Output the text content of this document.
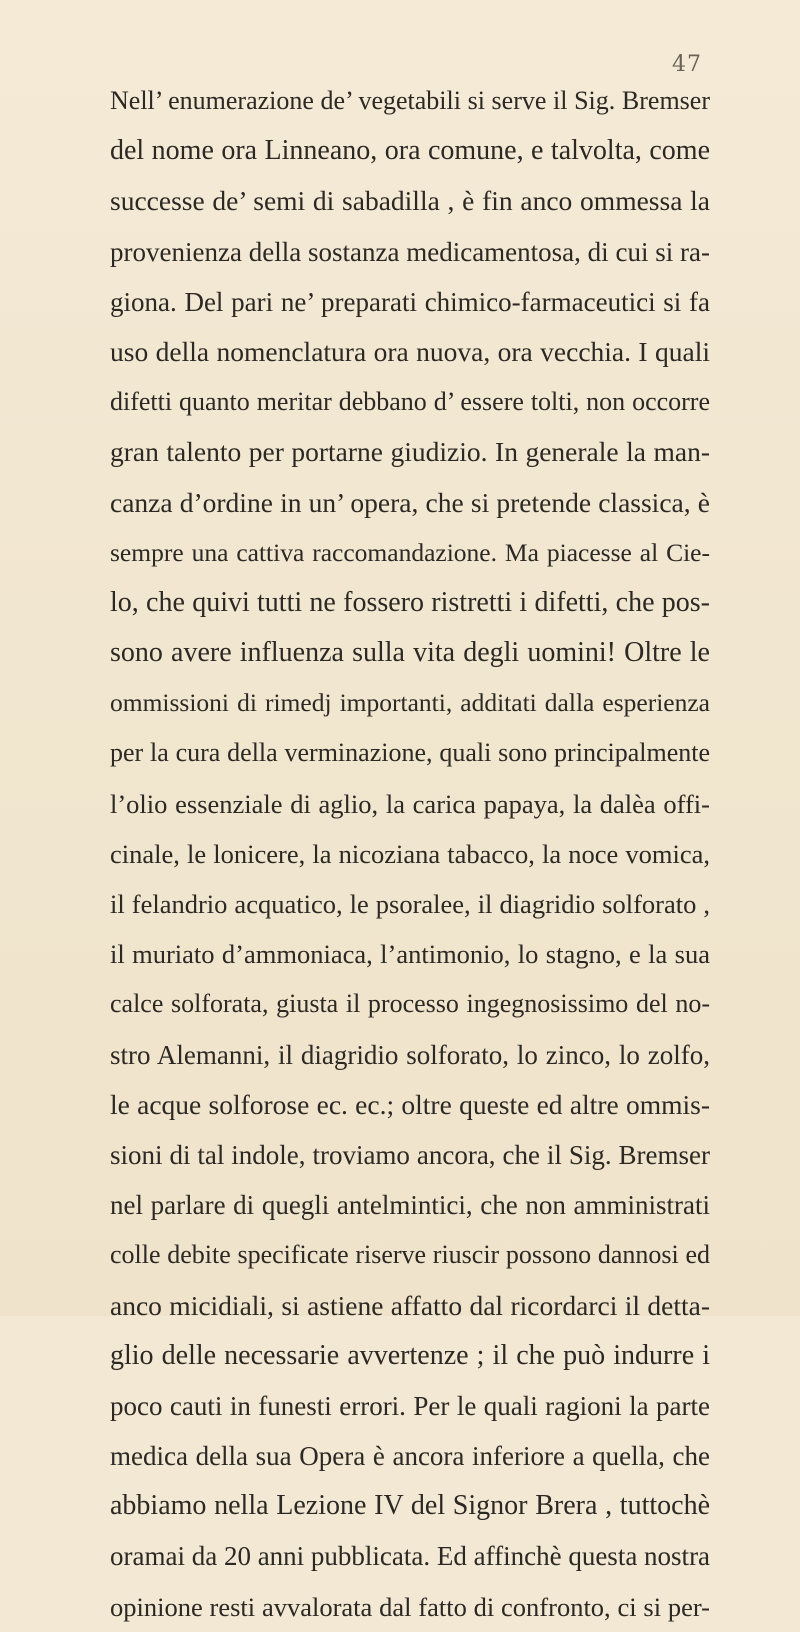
47
Nell’ enumerazione de’ vegetabili si serve il Sig. Bremser
del nome ora Linneano, ora comune, e talvolta, come
successe de’ semi di sabadilla , è fin anco ommessa la
provenienza della sostanza medicamentosa, di cui si ra-
giona. Del pari ne’ preparati chimico-farmaceutici si fa
uso della nomenclatura ora nuova, ora vecchia. I quali
difetti quanto meritar debbano d’ essere tolti, non occorre
gran talento per portarne giudizio. In generale la man-
canza d’ordine in un’ opera, che si pretende classica, è
sempre una cattiva raccomandazione. Ma piacesse al Cie-
lo, che quivi tutti ne fossero ristretti i difetti, che pos-
sono avere influenza sulla vita degli uomini! Oltre le
ommissioni di rimedj importanti, additati dalla esperienza
per la cura della verminazione, quali sono principalmente
l’olio essenziale di aglio, la carica papaya, la dalèa offi-
cinale, le lonicere, la nicoziana tabacco, la noce vomica,
il felandrio acquatico, le psoralee, il diagridio solforato ,
il muriato d’ammoniaca, l’antimonio, lo stagno, e la sua
calce solforata, giusta il processo ingegnosissimo del no-
stro Alemanni, il diagridio solforato, lo zinco, lo zolfo,
le acque solforose ec. ec.; oltre queste ed altre ommis-
sioni di tal indole, troviamo ancora, che il Sig. Bremser
nel parlare di quegli antelmintici, che non amministrati
colle debite specificate riserve riuscir possono dannosi ed
anco micidiali, si astiene affatto dal ricordarci il detta-
glio delle necessarie avvertenze ; il che può indurre i
poco cauti in funesti errori. Per le quali ragioni la parte
medica della sua Opera è ancora inferiore a quella, che
abbiamo nella Lezione IV del Signor Brera , tuttochè
oramai da 20 anni pubblicata. Ed affinchè questa nostra
opinione resti avvalorata dal fatto di confronto, ci si per-
